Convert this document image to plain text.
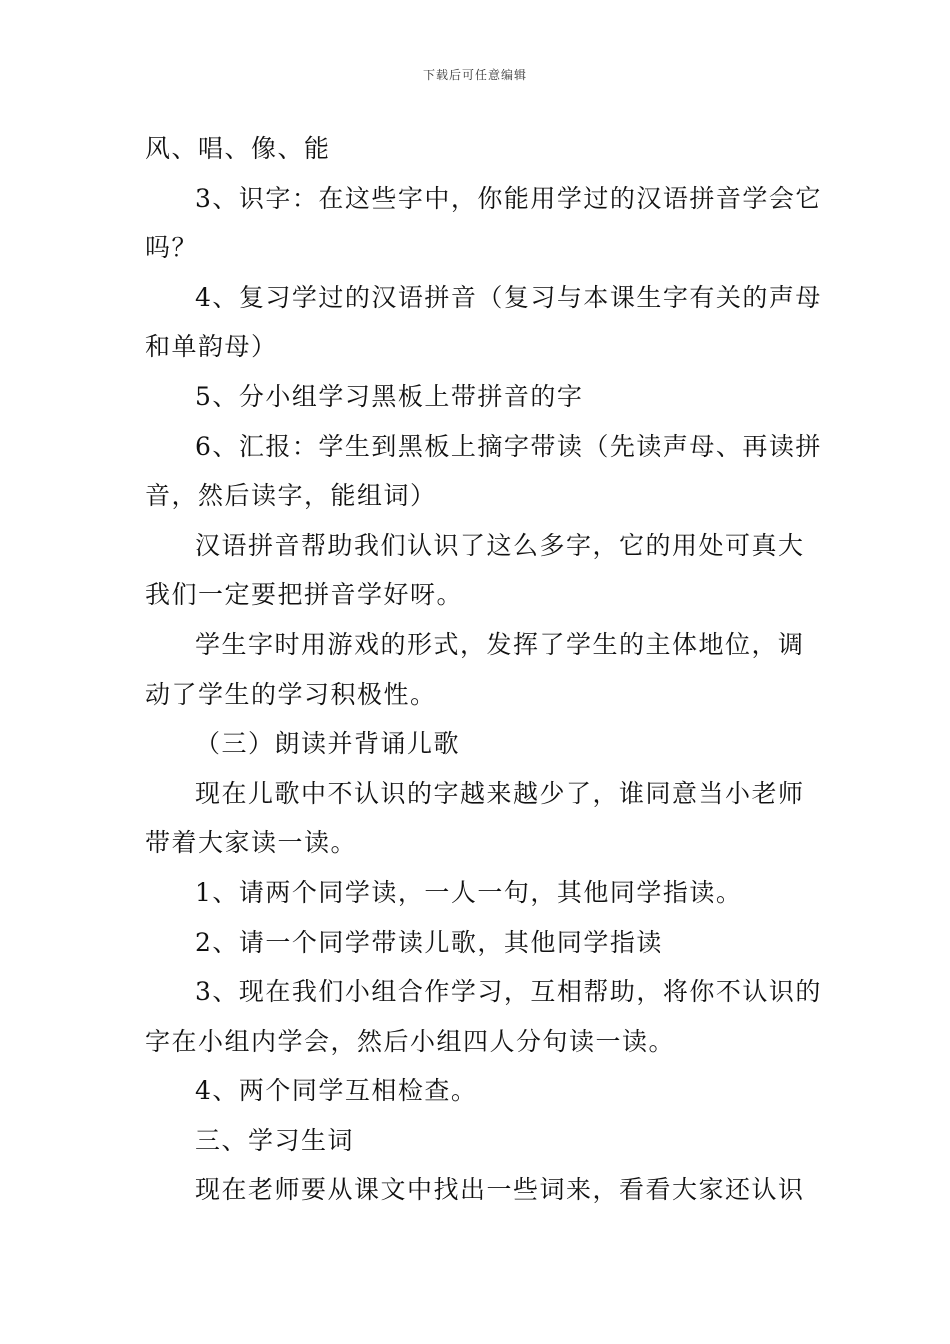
下载后可任意编辑
风、唱、像、能
3、识字：在这些字中，你能用学过的汉语拼音学会它
吗？
4、复习学过的汉语拼音（复习与本课生字有关的声母
和单韵母）
5、分小组学习黑板上带拼音的字
6、汇报：学生到黑板上摘字带读（先读声母、再读拼
音，然后读字，能组词）
汉语拼音帮助我们认识了这么多字，它的用处可真大
我们一定要把拼音学好呀。
学生字时用游戏的形式，发挥了学生的主体地位，调
动了学生的学习积极性。
（三）朗读并背诵儿歌
现在儿歌中不认识的字越来越少了，谁同意当小老师
带着大家读一读。
1、请两个同学读，一人一句，其他同学指读。
2、请一个同学带读儿歌，其他同学指读
3、现在我们小组合作学习，互相帮助，将你不认识的
字在小组内学会，然后小组四人分句读一读。
4、两个同学互相检查。
三、学习生词
现在老师要从课文中找出一些词来，看看大家还认识
